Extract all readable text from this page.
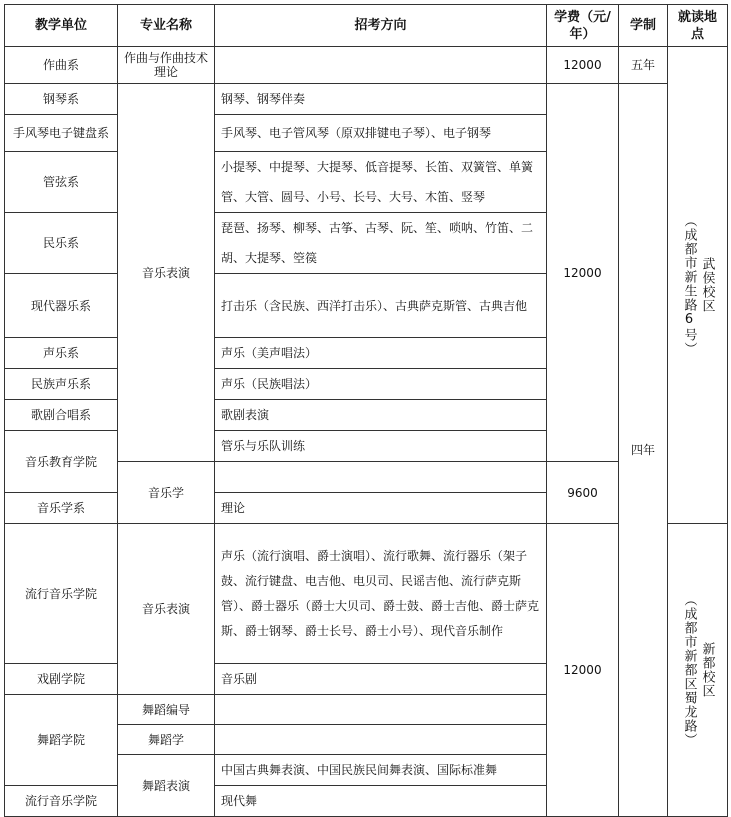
教学单位	专业名称	招考方向	学费（元/年）	学制	就读地点
作曲系	作曲与作曲技术理论		12000	五年	武侯校区
（成都市新生路6号）

钢琴系	音乐表演	钢琴、钢琴伴奏	12000	四年	
手风琴电子键盘系		手风琴、电子管风琴（原双排键电子琴）、电子钢琴			
管弦系		小提琴、中提琴、大提琴、低音提琴、长笛、双簧管、单簧管、大管、圆号、小号、长号、大号、木笛、竖琴			
民乐系		琵琶、扬琴、柳琴、古筝、古琴、阮、笙、唢呐、竹笛、二胡、大提琴、箜篌			
现代器乐系		打击乐（含民族、西洋打击乐）、古典萨克斯管、古典吉他			
声乐系		声乐（美声唱法）			
民族声乐系		声乐（民族唱法）			
歌剧合唱系		歌剧表演			
音乐教育学院		管乐与乐队训练			
	音乐学		9600		
音乐学系		理论			
流行音乐学院	音乐表演	声乐（流行演唱、爵士演唱）、流行歌舞、流行器乐（架子鼓、流行键盘、电吉他、电贝司、民谣吉他、流行萨克斯管）、爵士器乐（爵士大贝司、爵士鼓、爵士吉他、爵士萨克斯、爵士钢琴、爵士长号、爵士小号）、现代音乐制作	12000		新都校区
（成都市新都区蜀龙路）

戏剧学院		音乐剧			
舞蹈学院	舞蹈编导				
	舞蹈学				
	舞蹈表演	中国古典舞表演、中国民族民间舞表演、国际标准舞			
流行音乐学院		现代舞			
